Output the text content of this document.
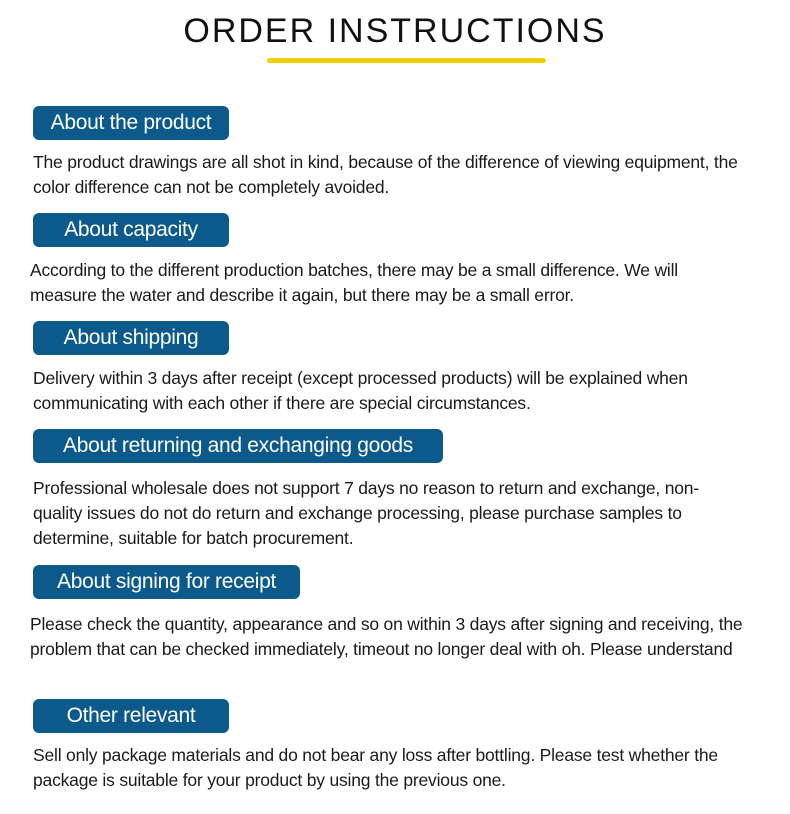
ORDER INSTRUCTIONS
About the product

The product drawings are all shot in kind, because of the difference of viewing equipment, the color difference can not be completely avoided.

About capacity

According to the different production batches, there may be a small difference. We will measure the water and describe it again, but there may be a small error.

About shipping

Delivery within 3 days after receipt (except processed products) will be explained when communicating with each other if there are special circumstances.

About returning and exchanging goods

Professional wholesale does not support 7 days no reason to return and exchange, non-quality issues do not do return and exchange processing, please purchase samples to determine, suitable for batch procurement.

About signing for receipt

Please check the quantity, appearance and so on within 3 days after signing and receiving, the problem that can be checked immediately, timeout no longer deal with oh. Please understand

Other relevant

Sell only package materials and do not bear any loss after bottling. Please test whether the package is suitable for your product by using the previous one.
